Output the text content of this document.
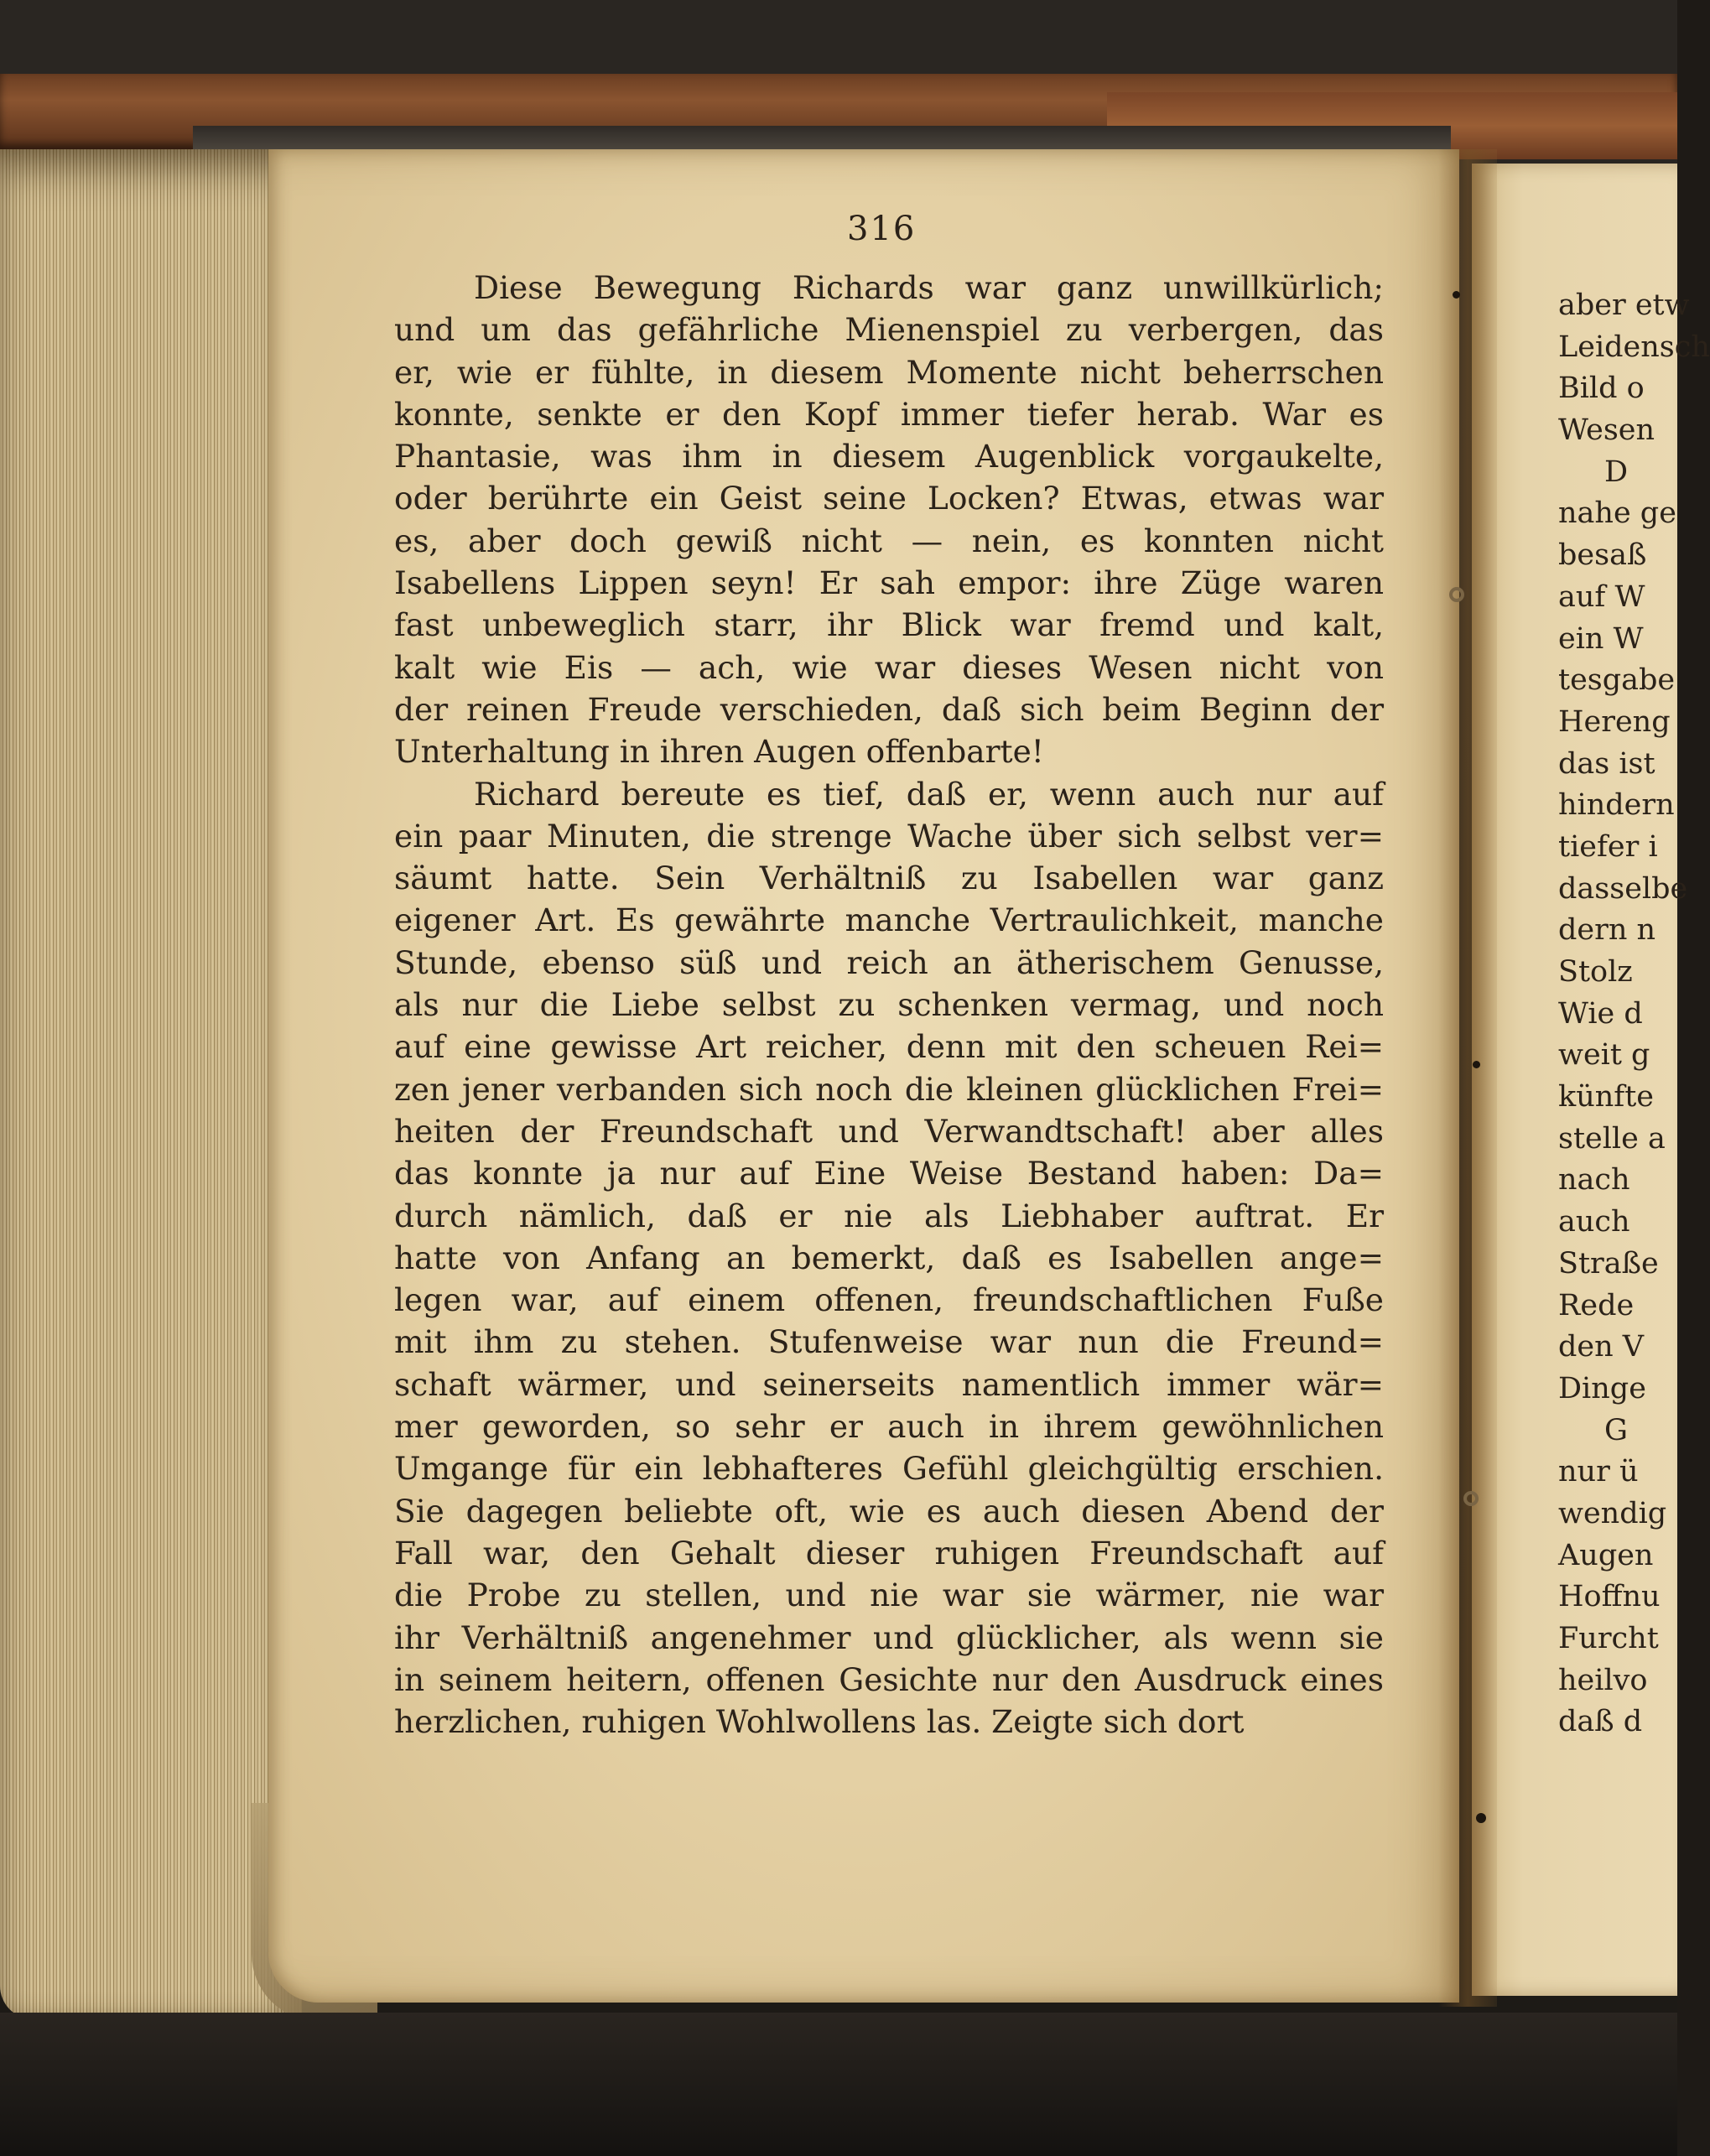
316
Diese Bewegung Richards war ganz unwillkürlich;
und um das gefährliche Mienenspiel zu verbergen, das
er, wie er fühlte, in diesem Momente nicht beherrschen
konnte, senkte er den Kopf immer tiefer herab. War es
Phantasie, was ihm in diesem Augenblick vorgaukelte,
oder berührte ein Geist seine Locken? Etwas, etwas war
es, aber doch gewiß nicht — nein, es konnten nicht
Isabellens Lippen seyn! Er sah empor: ihre Züge waren
fast unbeweglich starr, ihr Blick war fremd und kalt,
kalt wie Eis — ach, wie war dieses Wesen nicht von
der reinen Freude verschieden, daß sich beim Beginn der
Unterhaltung in ihren Augen offenbarte!
Richard bereute es tief, daß er, wenn auch nur auf
ein paar Minuten, die strenge Wache über sich selbst ver=
säumt hatte. Sein Verhältniß zu Isabellen war ganz
eigener Art. Es gewährte manche Vertraulichkeit, manche
Stunde, ebenso süß und reich an ätherischem Genusse,
als nur die Liebe selbst zu schenken vermag, und noch
auf eine gewisse Art reicher, denn mit den scheuen Rei=
zen jener verbanden sich noch die kleinen glücklichen Frei=
heiten der Freundschaft und Verwandtschaft! aber alles
das konnte ja nur auf Eine Weise Bestand haben: Da=
durch nämlich, daß er nie als Liebhaber auftrat. Er
hatte von Anfang an bemerkt, daß es Isabellen ange=
legen war, auf einem offenen, freundschaftlichen Fuße
mit ihm zu stehen. Stufenweise war nun die Freund=
schaft wärmer, und seinerseits namentlich immer wär=
mer geworden, so sehr er auch in ihrem gewöhnlichen
Umgange für ein lebhafteres Gefühl gleichgültig erschien.
Sie dagegen beliebte oft, wie es auch diesen Abend der
Fall war, den Gehalt dieser ruhigen Freundschaft auf
die Probe zu stellen, und nie war sie wärmer, nie war
ihr Verhältniß angenehmer und glücklicher, als wenn sie
in seinem heitern, offenen Gesichte nur den Ausdruck eines
herzlichen, ruhigen Wohlwollens las. Zeigte sich dort
aber etw
Leidensch
Bild o
Wesen
D
nahe ge
besaß
auf W
ein W
tesgabe
Hereng
das ist
hindern
tiefer i
dasselbe
dern n
Stolz
Wie d
weit g
künfte
stelle a
nach
auch
Straße
Rede
den V
Dinge
G
nur ü
wendig
Augen
Hoffnu
Furcht
heilvo
daß d
